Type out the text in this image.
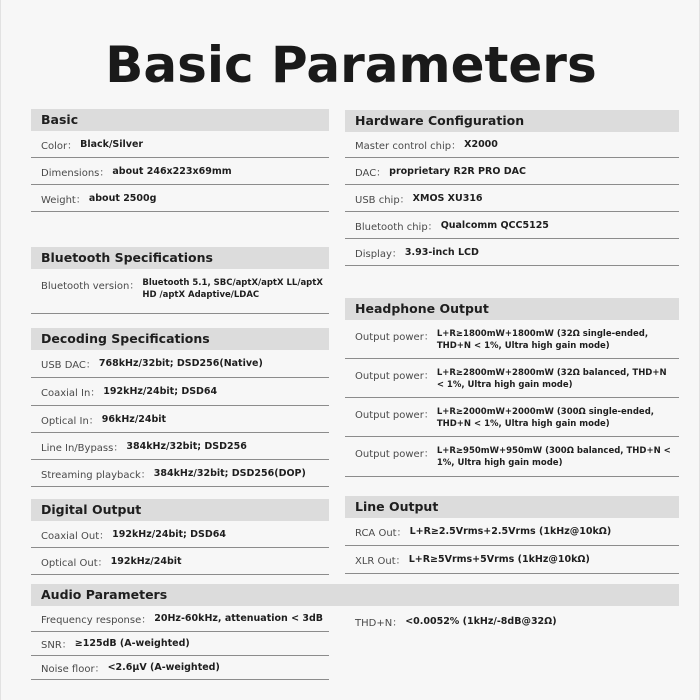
Basic Parameters
Basic
Color： Black/Silver
Dimensions： about 246x223x69mm
Weight： about 2500g
Bluetooth Specifications
Bluetooth version： Bluetooth 5.1, SBC/aptX/aptX LL/aptX HD /aptX Adaptive/LDAC
Decoding Specifications
USB DAC： 768kHz/32bit; DSD256(Native)
Coaxial In： 192kHz/24bit; DSD64
Optical In： 96kHz/24bit
Line In/Bypass： 384kHz/32bit; DSD256
Streaming playback： 384kHz/32bit; DSD256(DOP)
Digital Output
Coaxial Out： 192kHz/24bit; DSD64
Optical Out： 192kHz/24bit
Audio Parameters
Frequency response： 20Hz-60kHz, attenuation < 3dB
SNR： ≥125dB (A-weighted)
Noise floor： <2.6μV (A-weighted)
THD+N： <0.0052% (1kHz/-8dB@32Ω)
Hardware Configuration
Master control chip： X2000
DAC： proprietary R2R PRO DAC
USB chip： XMOS XU316
Bluetooth chip： Qualcomm QCC5125
Display： 3.93-inch LCD
Headphone Output
Output power： L+R≥1800mW+1800mW (32Ω single-ended, THD+N < 1%, Ultra high gain mode)
Output power： L+R≥2800mW+2800mW (32Ω balanced, THD+N < 1%, Ultra high gain mode)
Output power： L+R≥2000mW+2000mW (300Ω single-ended, THD+N < 1%, Ultra high gain mode)
Output power： L+R≥950mW+950mW (300Ω balanced, THD+N < 1%, Ultra high gain mode)
Line Output
RCA Out： L+R≥2.5Vrms+2.5Vrms (1kHz@10kΩ)
XLR Out： L+R≥5Vrms+5Vrms (1kHz@10kΩ)
